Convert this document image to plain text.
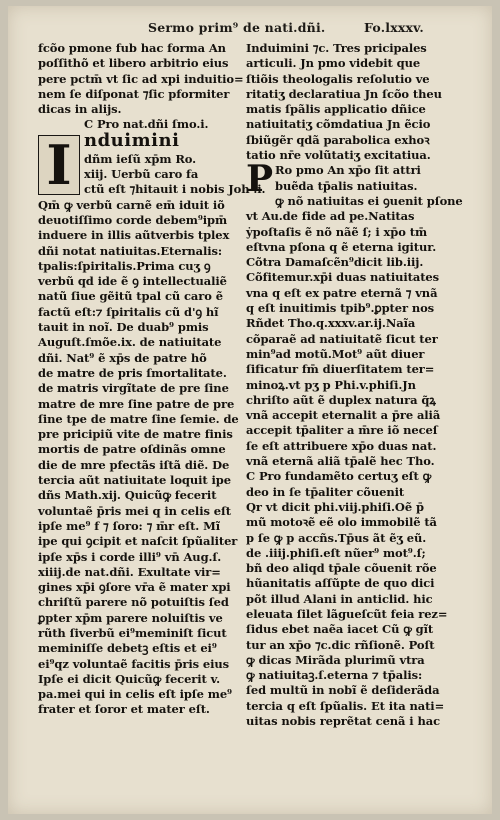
Sermo prim⁹ de nati.dñi.	Fo.lxxxv.
fcõo pmone fub hac forma An
poſſithõ et libero arbitrio eius
pere pctm̄ vt ſic ad xpi induitio=
nem ſe diſponat ⁊ſic pformiter
dicas in alijs.
C Pro nat.dñi ſmo.i.
I nduimini
dñm ieſũ xp̄m Ro.
xiij. Uerbũ caro fa
ctũ eſt ⁊hitauit i nobis Joh .i.
Qm̄ ꝙ verbũ carnẽ em̄ iduit iõ
deuotiſſimo corde debem⁹ipm̄
induere in illis aũtverbis tplex
dñi notat natiuitas.Eternalis:
tpalis:ſpiritalis.Prima cuʒ ꝯ
verbũ qd ide ẽ ꝯ intellectualiẽ
natũ ſiue gẽitũ tpal cũ caro ẽ
factũ eſt:⁊ ſpiritalis cũ d'ꝯ hĩ
tauit in noĩ. De duab⁹ pmis
Auguſt.ſmõe.ix. de natiuitate
dñi. Nat⁹ ẽ xp̄s de patre hõ
de matre de pris ſmortalitate.
de matris virgĩtate de pre ſine
matre de mre ſine patre de pre
ſine tpe de matre ſine ſemie. de
pre pricipiũ vite de matre finis
mortis de patre oſdinãs omne
die de mre pfectãs iſtã diẽ. De
tercia aũt natiuitate loquit ipe
dñs Math.xij. Quicũꝙ fecerit
voluntaẽ p̄ris mei q in celis eſt
ipſe me⁹ f ⁊ ſoro: ⁊ m̄r eſt. Mĩ
ipe qui ꝯcipit et naſcit ſpũaliter
ipſe xp̄s i corde illi⁹ vn̄ Aug.ſ.
xiiij.de nat.dñi. Exultate vir=
gines xp̄i ꝯſore vr̄a ẽ mater xpi
chriſtũ parere nõ potuiſtis ſed
ꝑpter xp̄m parere noluiſtis ve
rũth ſiverbũ ei⁹meminiſt ſicut
meminiſſe debetꝫ eſtis et ei⁹
ei⁹qz voluntaẽ facitis p̄ris eius
Ipſe ei dicit Quicũꝙ fecerit v.
pa.mei qui in celis eſt ipſe me⁹
frater et ſoror et mater eſt.
Induimini ⁊c. Tres pricipales
articuli. Jn pmo videbit que
ſtiõis theologalis reſolutio ve
ritatiʒ declaratiua Jn ſcõo theu
matis ſpãlis applicatio dñice
natiuitatiʒ cõmdatiua Jn ẽcio
ſbiũgẽr qdã parabolica exhoꝛ
tatio nr̄e volũtatiʒ excitatiua.
P Ro pmo An xp̄o ſit attri
buẽda tp̄alis natiuitas.
ꝙ nõ natiuitas ei ꝯuenit pſone
vt Au.de fide ad pe.Natitas
ẏpoſtaſis ẽ nõ nãẽ ſ; i xp̄o tm̄
eſtvna pſona q ẽ eterna igitur.
Cõtra Damaſcẽn⁹dicit lib.iij.
Cõfitemur.xp̄i duas natiuitates
vna q eſt ex patre eternã ⁊ vnã
q eſt inuitimis tpib⁹.ꝑpter nos
Rñdet Tho.q.xxxv.ar.ij.Naĩa
cõparaẽ ad natiuitatẽ ſicut ter
min⁹ad motũ.Mot⁹ aũt diuer
ſificatur fm̄ diuerſitatem ter=
minoꝝ.vt pʒ p Phi.v.phiſi.Jn
chriſto aũt ẽ duplex natura q̃ꝝ
vnã accepit eternalit a p̄re aliã
accepit tp̄aliter a m̄re iõ neceſ
ſe eſt attribuere xp̄o duas nat.
vnã eternã aliã tp̄alẽ hec Tho.
C Pro fundamẽto certuʒ eſt ꝙ
deo in ſe tp̄aliter cõuenit
Qr vt dicit phi.viij.phiſi.Oẽ p̄
mũ motoꝛẽ eẽ olo immobilẽ tã
p ſe ꝙ p accñs.Tp̄us ãt ẽʒ eũ.
de .iiij.phiſi.eſt nũer⁹ mot⁹.ſ;
bñ deo aliqd tp̄ale cõuenit rõe
hũanitatis aſſũpte de quo dici
põt illud Alani in anticlid. hic
eleuata ſilet lãgueſcũt feia rez=
ſidus ebet naẽa iacet Cũ ꝙ gĩt
tur an xp̄o ⁊c.dic rñſionẽ. Poſt
ꝙ dicas Mirãda plurimũ vtra
ꝙ natiuitaꝫ.ſ.eterna ⁊ tp̄alis:
ſed multũ in nobĩ ẽ deſiderãda
tercia q eſt ſpũalis. Et ita nati=
uitas nobis reprẽtat cenã i hac
